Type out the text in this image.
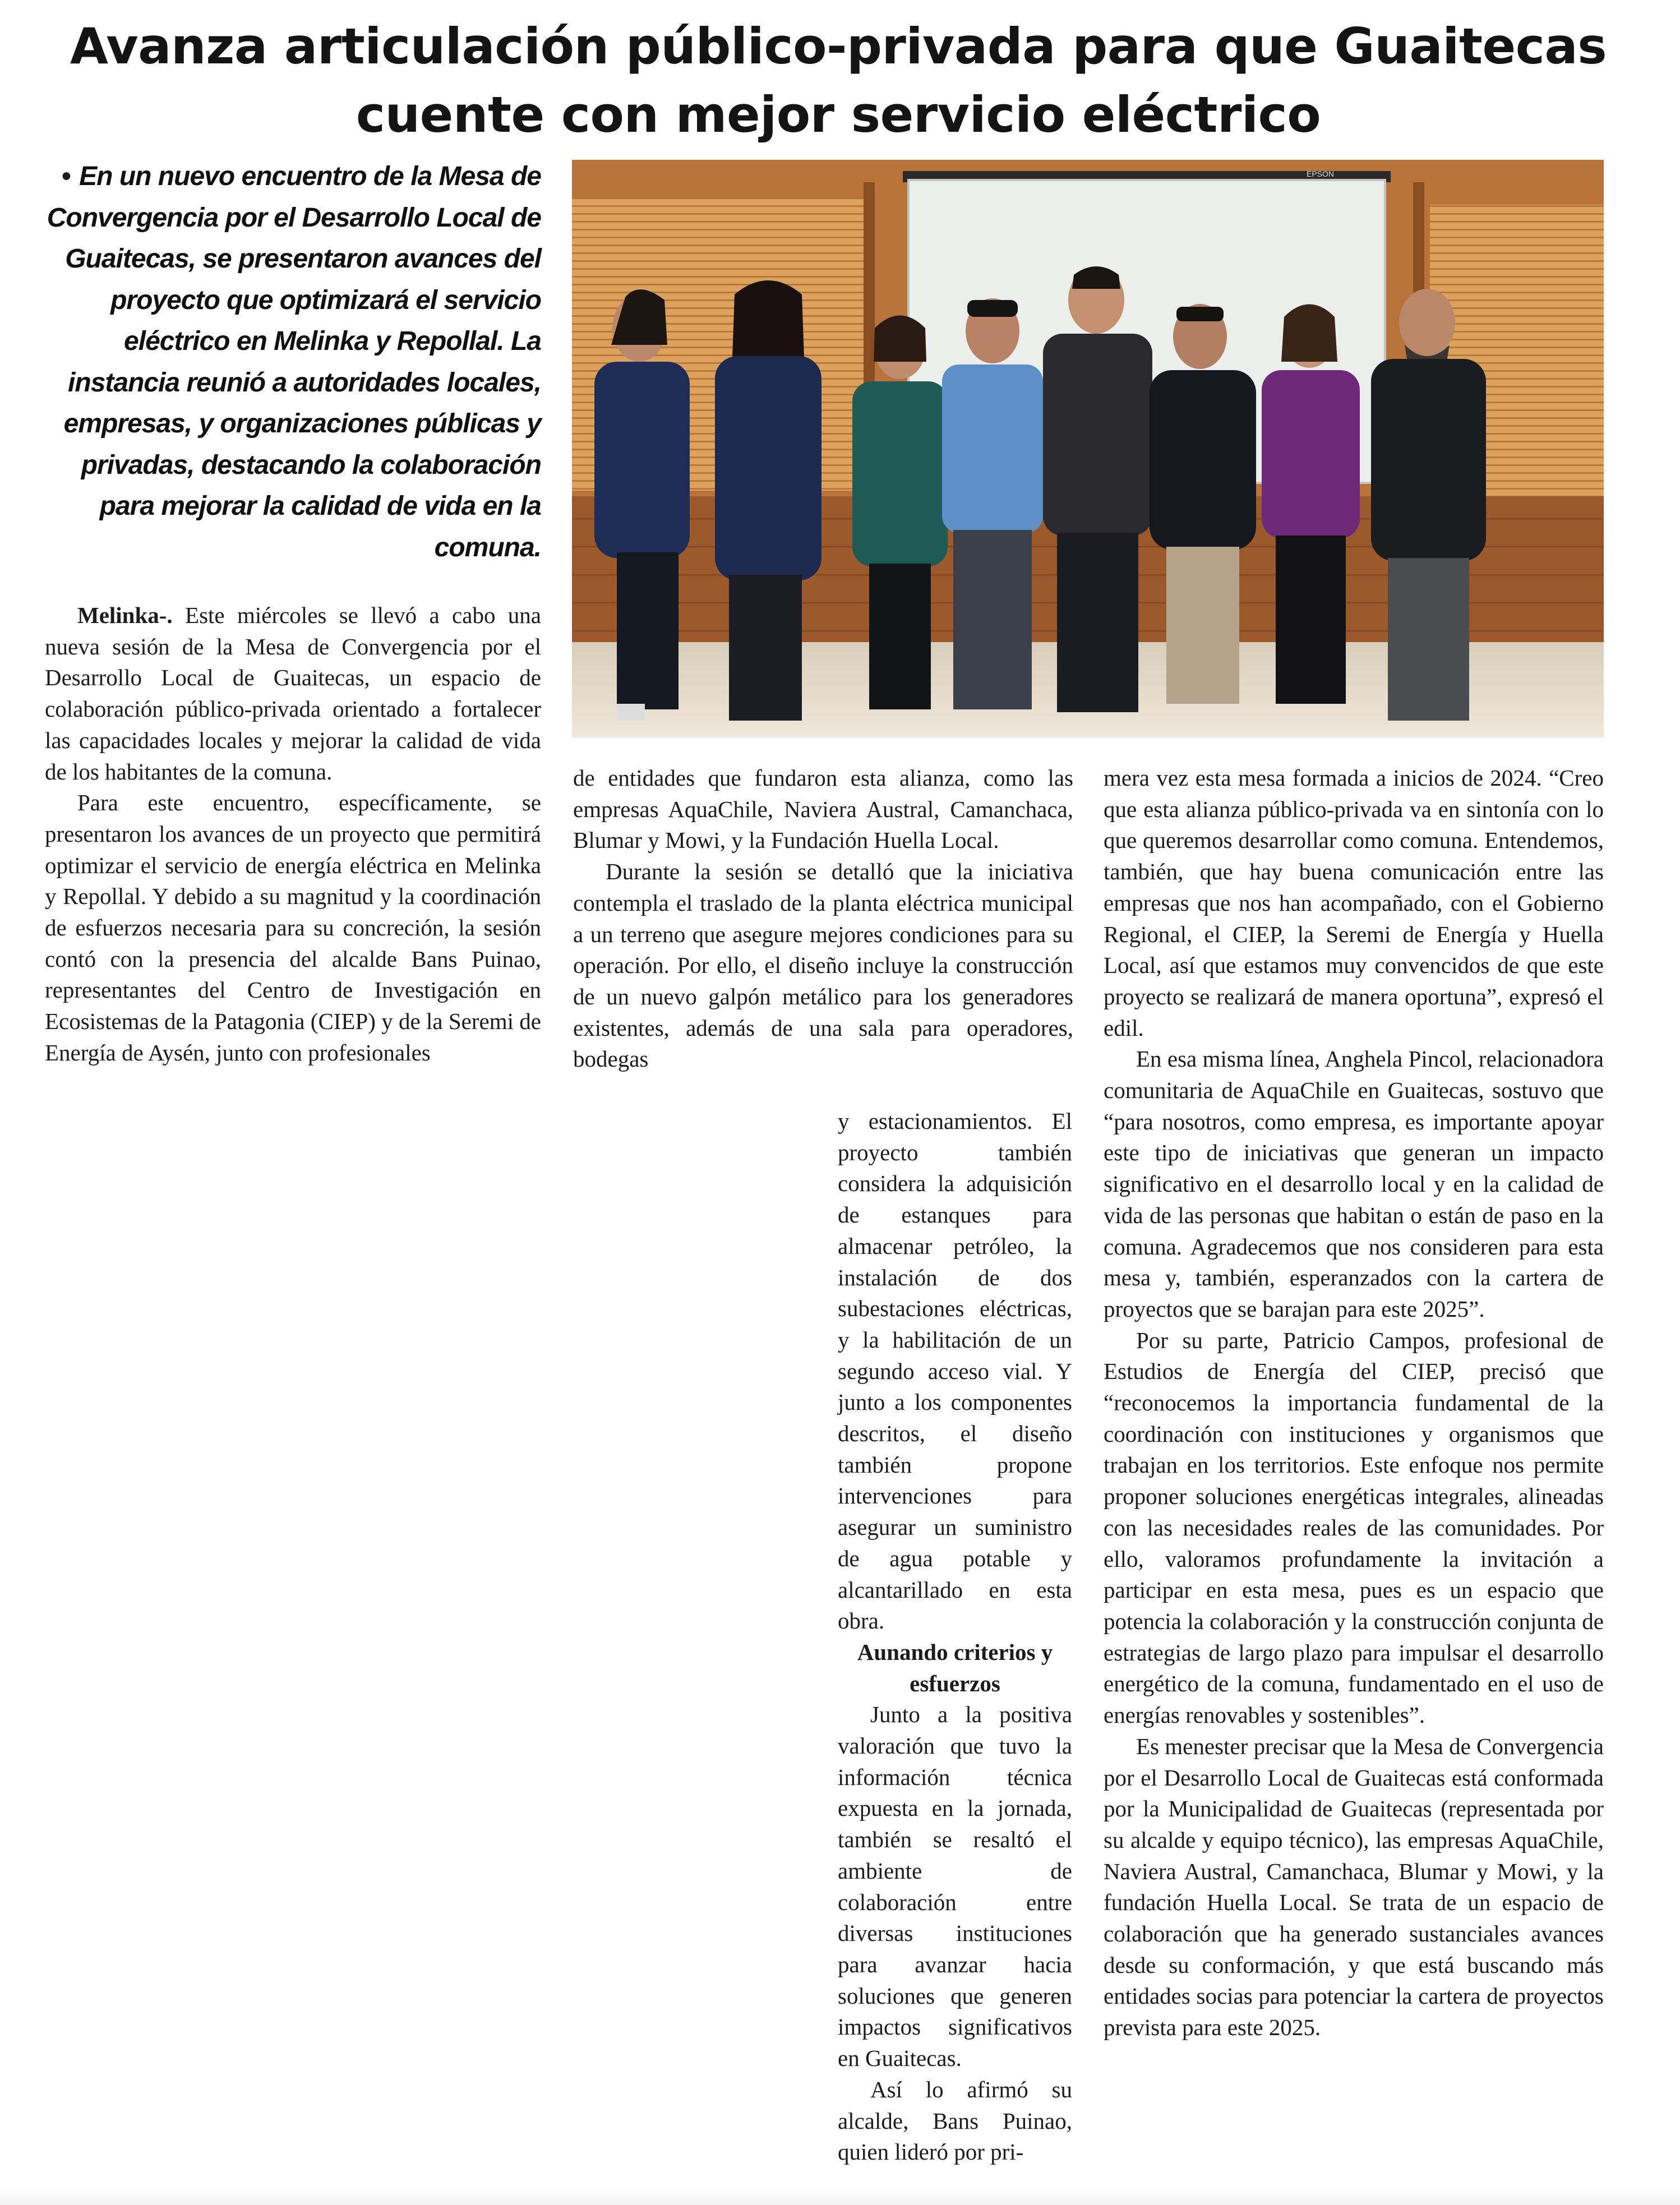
Avanza articulación público-privada para que Guaitecas
cuente con mejor servicio eléctrico
• En un nuevo encuentro de la Mesa de Convergencia por el Desarrollo Local de Guaitecas, se presentaron avances del proyecto que optimizará el servicio eléctrico en Melinka y Repollal. La instancia reunió a autoridades locales, empresas, y organizaciones públicas y privadas, destacando la colaboración para mejorar la calidad de vida en la comuna.

EPSON

Melinka-. Este miércoles se llevó a cabo una nueva sesión de la Mesa de Convergencia por el Desarrollo Local de Guaitecas, un espacio de colaboración público-privada orientado a fortalecer las capacidades locales y mejorar la calidad de vida de los habitantes de la comuna.

Para este encuentro, específicamente, se presentaron los avances de un proyecto que permitirá optimizar el servicio de energía eléctrica en Melinka y Repollal. Y debido a su magnitud y la coordinación de esfuerzos necesaria para su concreción, la sesión contó con la presencia del alcalde Bans Puinao, representantes del Centro de Investigación en Ecosistemas de la Patagonia (CIEP) y de la Seremi de Energía de Aysén, junto con profesionales

de entidades que fundaron esta alianza, como las empresas AquaChile, Naviera Austral, Camanchaca, Blumar y Mowi, y la Fundación Huella Local.

Durante la sesión se detalló que la iniciativa contempla el traslado de la planta eléctrica municipal a un terreno que asegure mejores condiciones para su operación. Por ello, el diseño incluye la construcción de un nuevo galpón metálico para los generadores existentes, además de una sala para operadores, bodegas

y estacionamientos. El proyecto también considera la adquisición de estanques para almacenar petróleo, la instalación de dos subestaciones eléctricas, y la habilitación de un segundo acceso vial. Y junto a los componentes descritos, el diseño también propone intervenciones para asegurar un suministro de agua potable y alcantarillado en esta obra.

Aunando criterios y esfuerzos

Junto a la positiva valoración que tuvo la información técnica expuesta en la jornada, también se resaltó el ambiente de colaboración entre diversas instituciones para avanzar hacia soluciones que generen impactos significativos en Guaitecas.

Así lo afirmó su alcalde, Bans Puinao, quien lideró por pri-

mera vez esta mesa formada a inicios de 2024. “Creo que esta alianza público-privada va en sintonía con lo que queremos desarrollar como comuna. Entendemos, también, que hay buena comunicación entre las empresas que nos han acompañado, con el Gobierno Regional, el CIEP, la Seremi de Energía y Huella Local, así que estamos muy convencidos de que este proyecto se realizará de manera oportuna”, expresó el edil.

En esa misma línea, Anghela Pincol, relacionadora comunitaria de AquaChile en Guaitecas, sostuvo que “para nosotros, como empresa, es importante apoyar este tipo de iniciativas que generan un impacto significativo en el desarrollo local y en la calidad de vida de las personas que habitan o están de paso en la comuna. Agradecemos que nos consideren para esta mesa y, también, esperanzados con la cartera de proyectos que se barajan para este 2025”.

Por su parte, Patricio Campos, profesional de Estudios de Energía del CIEP, precisó que “reconocemos la importancia fundamental de la coordinación con instituciones y organismos que trabajan en los territorios. Este enfoque nos permite proponer soluciones energéticas integrales, alineadas con las necesidades reales de las comunidades. Por ello, valoramos profundamente la invitación a participar en esta mesa, pues es un espacio que potencia la colaboración y la construcción conjunta de estrategias de largo plazo para impulsar el desarrollo energético de la comuna, fundamentado en el uso de energías renovables y sostenibles”.

Es menester precisar que la Mesa de Convergencia por el Desarrollo Local de Guaitecas está conformada por la Municipalidad de Guaitecas (representada por su alcalde y equipo técnico), las empresas AquaChile, Naviera Austral, Camanchaca, Blumar y Mowi, y la fundación Huella Local. Se trata de un espacio de colaboración que ha generado sustanciales avances desde su conformación, y que está buscando más entidades socias para potenciar la cartera de proyectos prevista para este 2025.
